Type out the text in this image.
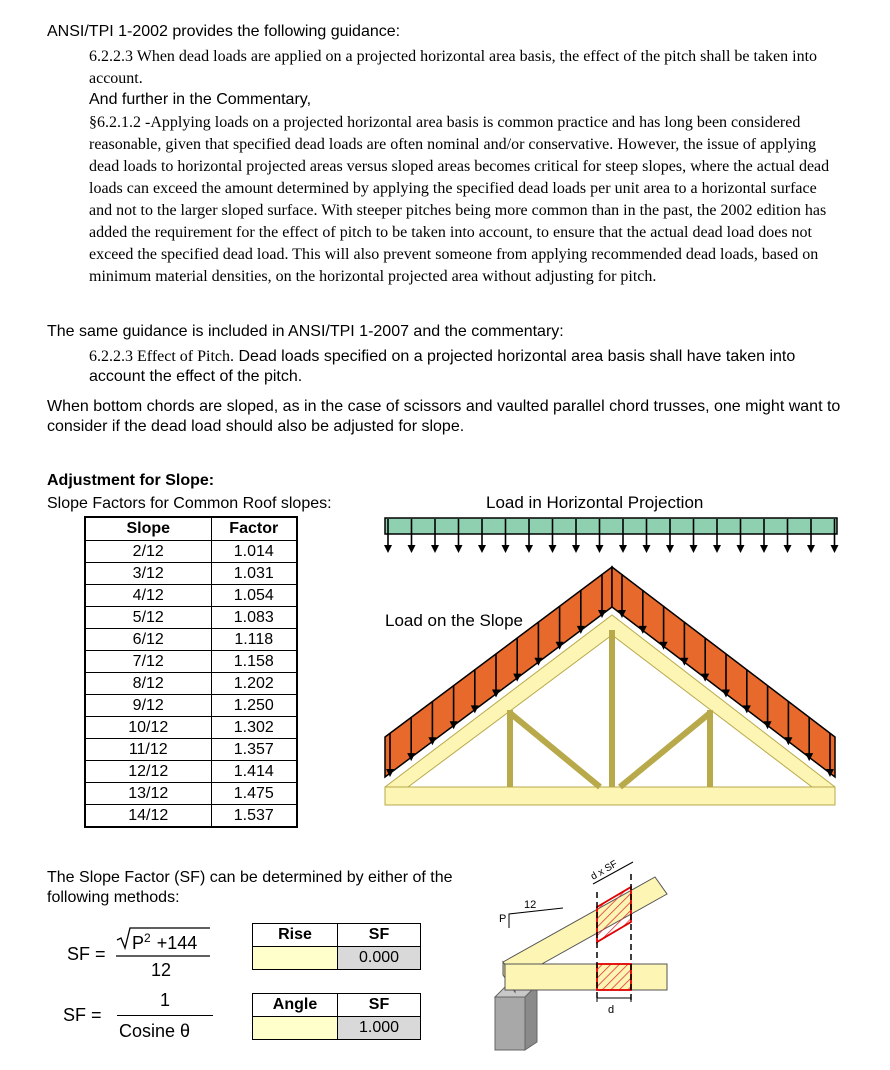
ANSI/TPI 1-2002 provides the following guidance:
6.2.2.3 When dead loads are applied on a projected horizontal area basis, the effect of the pitch shall be taken into account.
And further in the Commentary,
§6.2.1.2 -Applying loads on a projected horizontal area basis is common practice and has long been considered reasonable, given that specified dead loads are often nominal and/or conservative. However, the issue of applying dead loads to horizontal projected areas versus sloped areas becomes critical for steep slopes, where the actual dead loads can exceed the amount determined by applying the specified dead loads per unit area to a horizontal surface and not to the larger sloped surface. With steeper pitches being more common than in the past, the 2002 edition has added the requirement for the effect of pitch to be taken into account, to ensure that the actual dead load does not exceed the specified dead load. This will also prevent someone from applying recommended dead loads, based on minimum material densities, on the horizontal projected area without adjusting for pitch.
The same guidance is included in ANSI/TPI 1-2007 and the commentary:
6.2.2.3 Effect of Pitch. Dead loads specified on a projected horizontal area basis shall have taken into account the effect of the pitch.
When bottom chords are sloped, as in the case of scissors and vaulted parallel chord trusses, one might want to consider if the dead load should also be adjusted for slope.
Adjustment for Slope:
Slope Factors for Common Roof slopes:
Slope	Factor
2/12	1.014
3/12	1.031
4/12	1.054
5/12	1.083
6/12	1.118
7/12	1.158
8/12	1.202
9/12	1.250
10/12	1.302
11/12	1.357
12/12	1.414
13/12	1.475
14/12	1.537
Load in Horizontal Projection
Load on the Slope
The Slope Factor (SF) can be determined by either of the following methods:
SF =
$P^2 +144$
12
SF =
1
Cosine θ
Rise	SF
	0.000
Angle	SF
	1.000
12
P
d
d x SF
